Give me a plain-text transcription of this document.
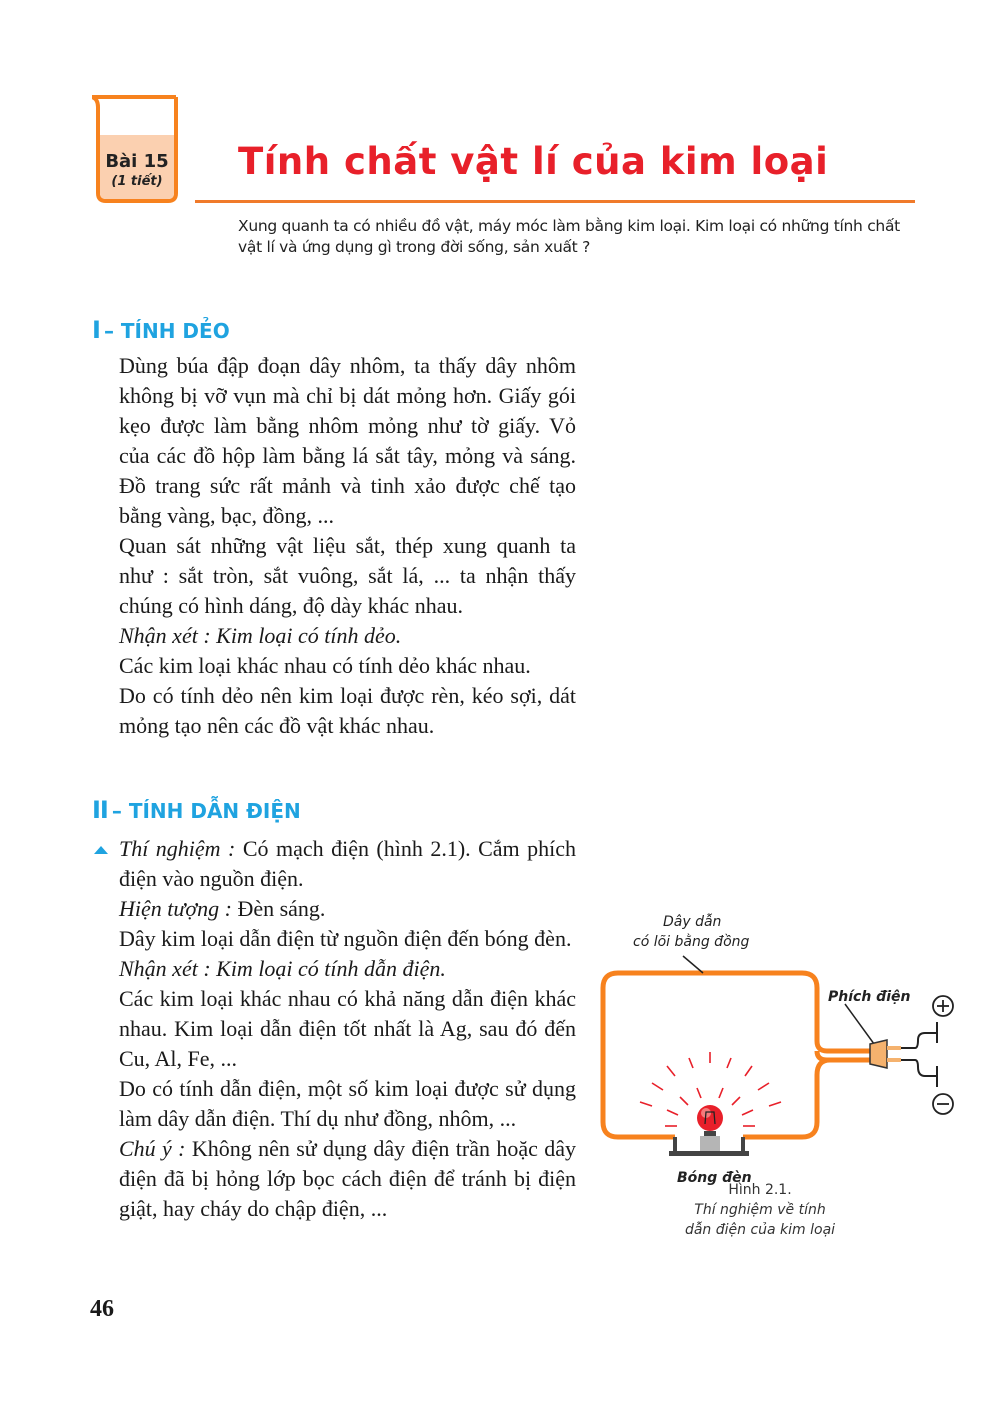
Bài 15
(1 tiết)	Tính chất vật lí của kim loại
Xung quanh ta có nhiều đồ vật, máy móc làm bằng kim loại. Kim loại có những tính chất vật lí và ứng dụng gì trong đời sống, sản xuất ?
I – TÍNH DẺO

Dùng búa đập đoạn dây nhôm, ta thấy dây nhôm không bị vỡ vụn mà chỉ bị dát mỏng hơn. Giấy gói kẹo được làm bằng nhôm mỏng như tờ giấy. Vỏ của các đồ hộp làm bằng lá sắt tây, mỏng và sáng. Đồ trang sức rất mảnh và tinh xảo được chế tạo bằng vàng, bạc, đồng, ...

Quan sát những vật liệu sắt, thép xung quanh ta như : sắt tròn, sắt vuông, sắt lá, ... ta nhận thấy chúng có hình dáng, độ dày khác nhau.

Nhận xét : Kim loại có tính dẻo.

Các kim loại khác nhau có tính dẻo khác nhau.

Do có tính dẻo nên kim loại được rèn, kéo sợi, dát mỏng tạo nên các đồ vật khác nhau.

II – TÍNH DẪN ĐIỆN

Thí nghiệm : Có mạch điện (hình 2.1). Cắm phích điện vào nguồn điện.

Hiện tượng : Đèn sáng.

Dây kim loại dẫn điện từ nguồn điện đến bóng đèn.

Nhận xét : Kim loại có tính dẫn điện.

Các kim loại khác nhau có khả năng dẫn điện khác nhau. Kim loại dẫn điện tốt nhất là Ag, sau đó đến Cu, Al, Fe, ...

Do có tính dẫn điện, một số kim loại được sử dụng làm dây dẫn điện. Thí dụ như đồng, nhôm, ...

Chú ý : Không nên sử dụng dây điện trần hoặc dây điện đã bị hỏng lớp bọc cách điện để tránh bị điện giật, hay cháy do chập điện, ...

46
Dây dẫn
có lõi bằng đồng
Phích điện
Bóng đèn
Hình 2.1.
Thí nghiệm về tính
dẫn điện của kim loại
